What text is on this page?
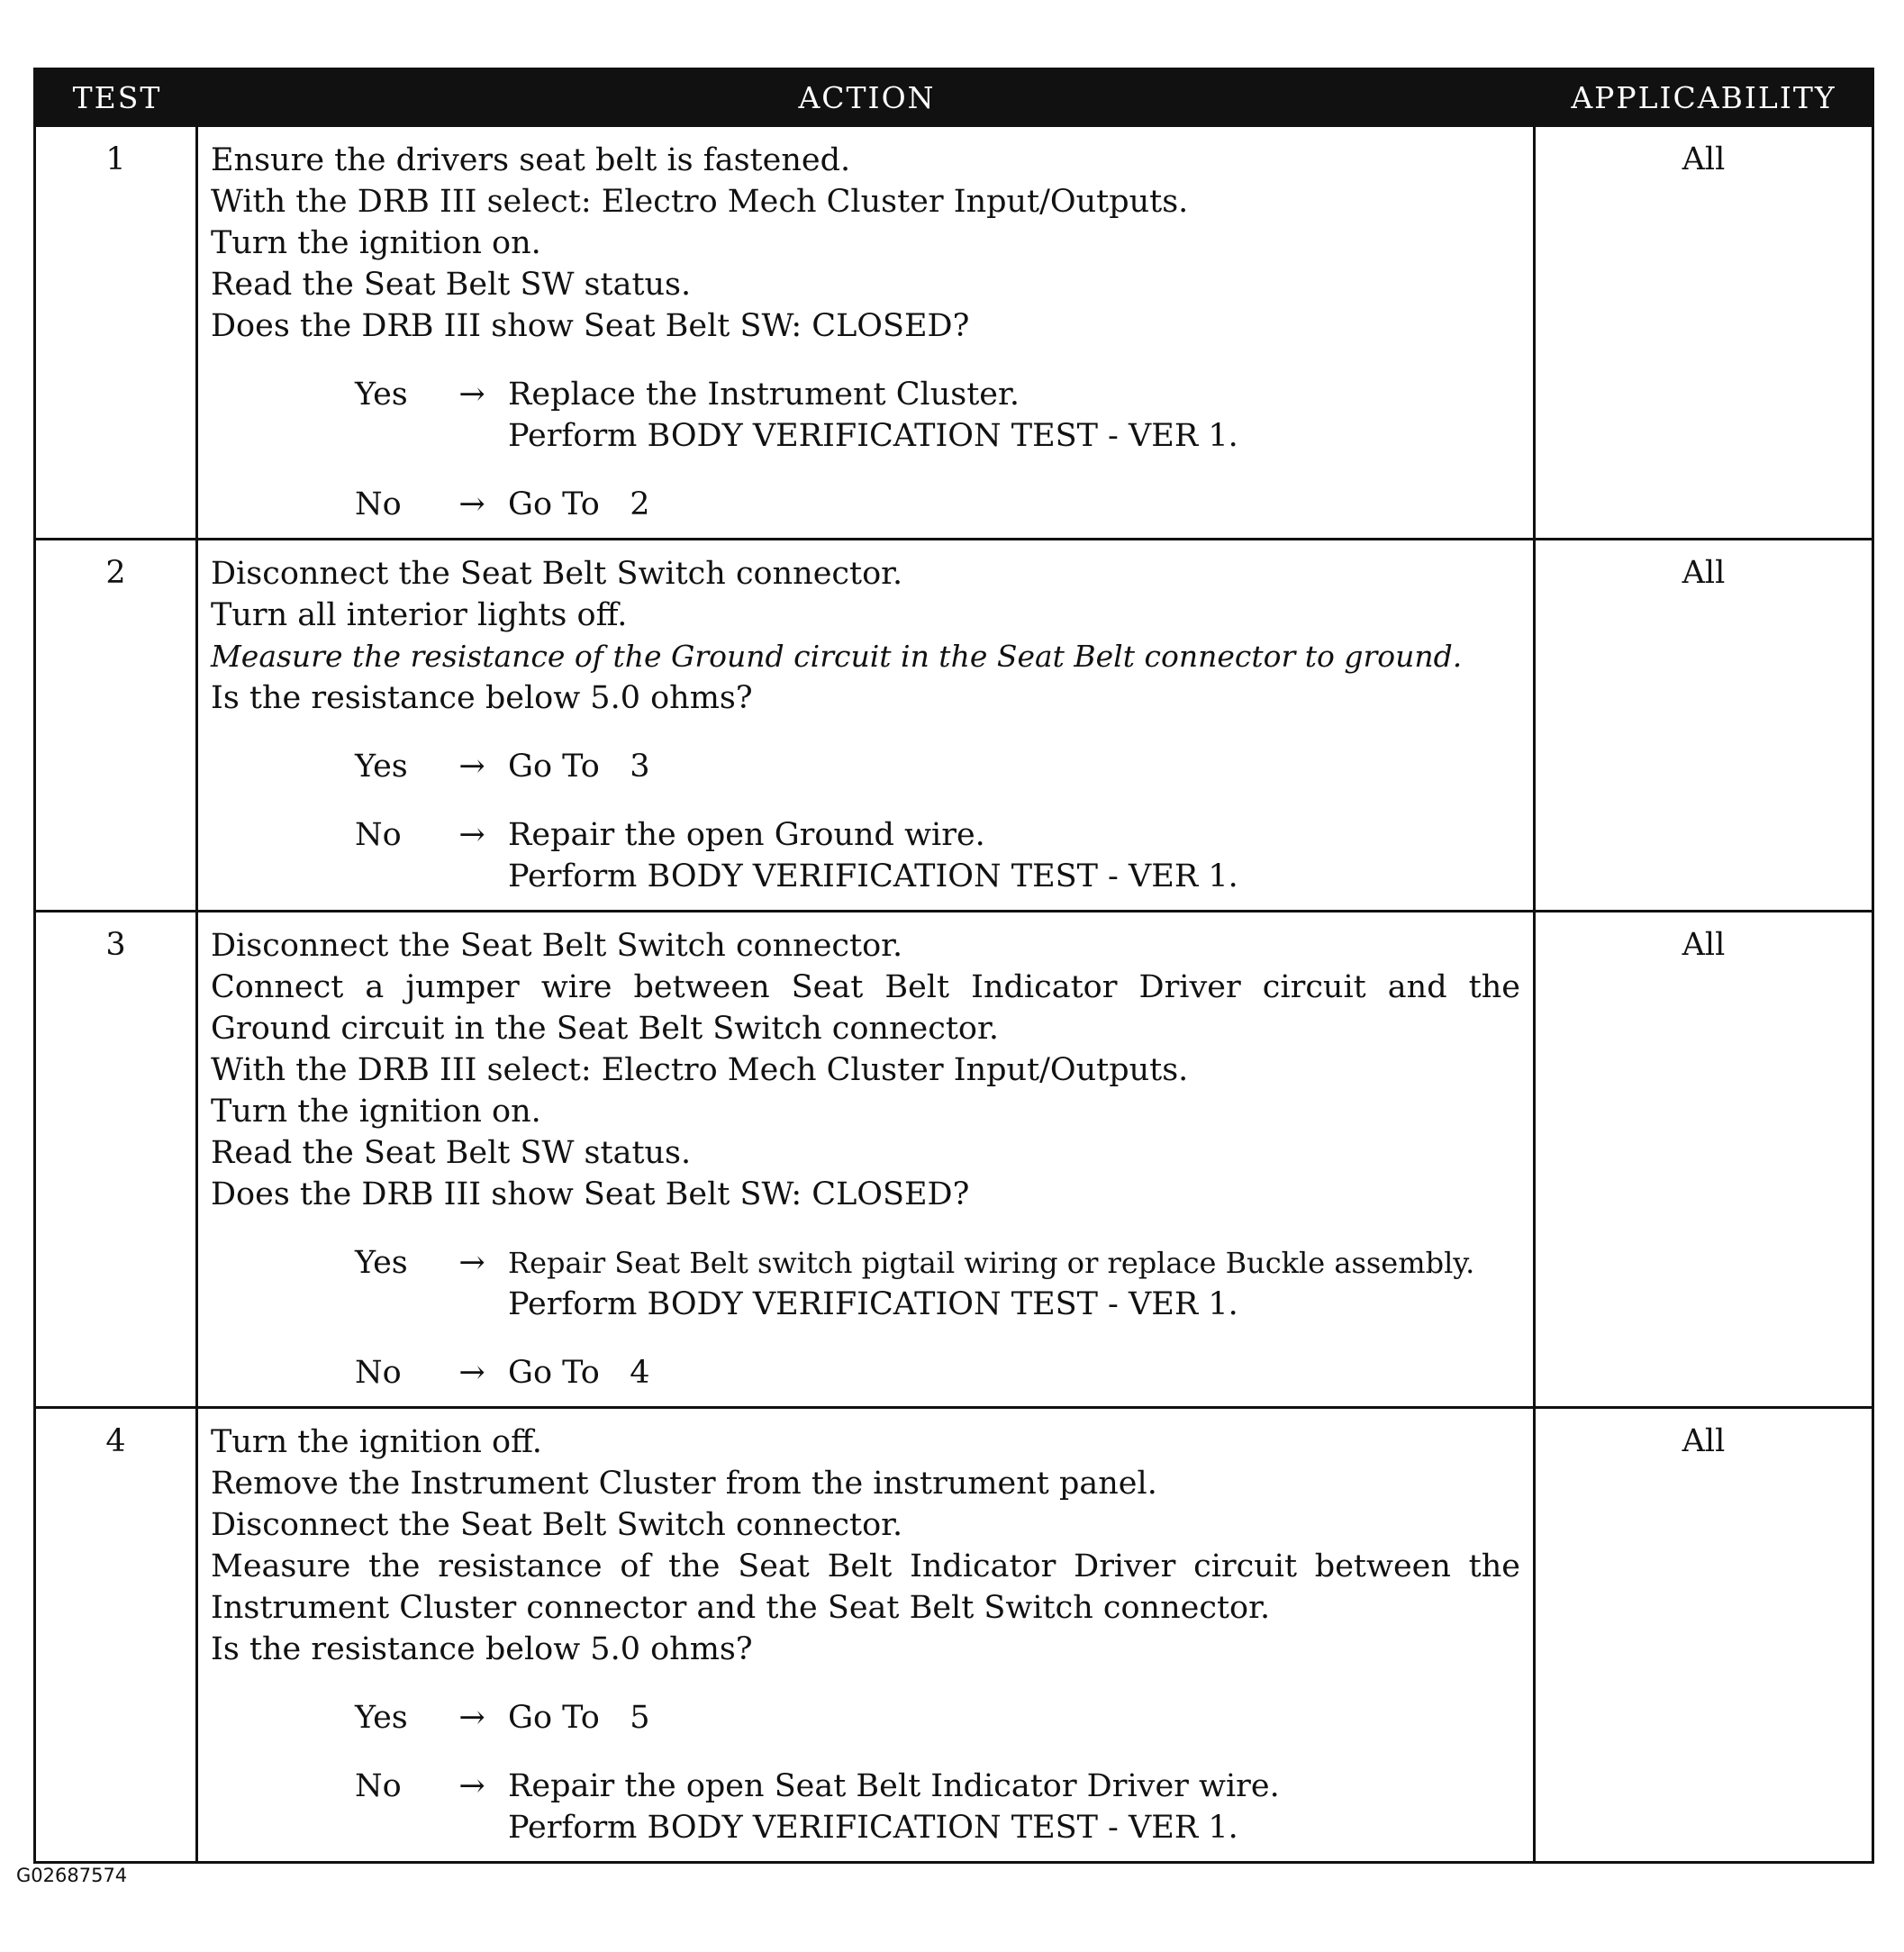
TEST	ACTION	APPLICABILITY
1	Ensure the drivers seat belt is fastened.
With the DRB III select: Electro Mech Cluster Input/Outputs.
Turn the ignition on.
Read the Seat Belt SW status.
Does the DRB III show Seat Belt SW: CLOSED?
Yes	→ Replace the Instrument Cluster.
Perform BODY VERIFICATION TEST - VER 1.
No	→ Go To   2
All
2	Disconnect the Seat Belt Switch connector.
Turn all interior lights off.
Measure the resistance of the Ground circuit in the Seat Belt connector to ground.
Is the resistance below 5.0 ohms?
Yes	→ Go To   3
No	→ Repair the open Ground wire.
Perform BODY VERIFICATION TEST - VER 1.
All
3	Disconnect the Seat Belt Switch connector.
Connect a jumper wire between Seat Belt Indicator Driver circuit and the Ground circuit in the Seat Belt Switch connector.
With the DRB III select: Electro Mech Cluster Input/Outputs.
Turn the ignition on.
Read the Seat Belt SW status.
Does the DRB III show Seat Belt SW: CLOSED?
Yes	→ Repair Seat Belt switch pigtail wiring or replace Buckle assembly.
Perform BODY VERIFICATION TEST - VER 1.
No	→ Go To   4
All
4	Turn the ignition off.
Remove the Instrument Cluster from the instrument panel.
Disconnect the Seat Belt Switch connector.
Measure the resistance of the Seat Belt Indicator Driver circuit between the Instrument Cluster connector and the Seat Belt Switch connector.
Is the resistance below 5.0 ohms?
Yes	→ Go To   5
No	→ Repair the open Seat Belt Indicator Driver wire.
Perform BODY VERIFICATION TEST - VER 1.
All
G02687574
